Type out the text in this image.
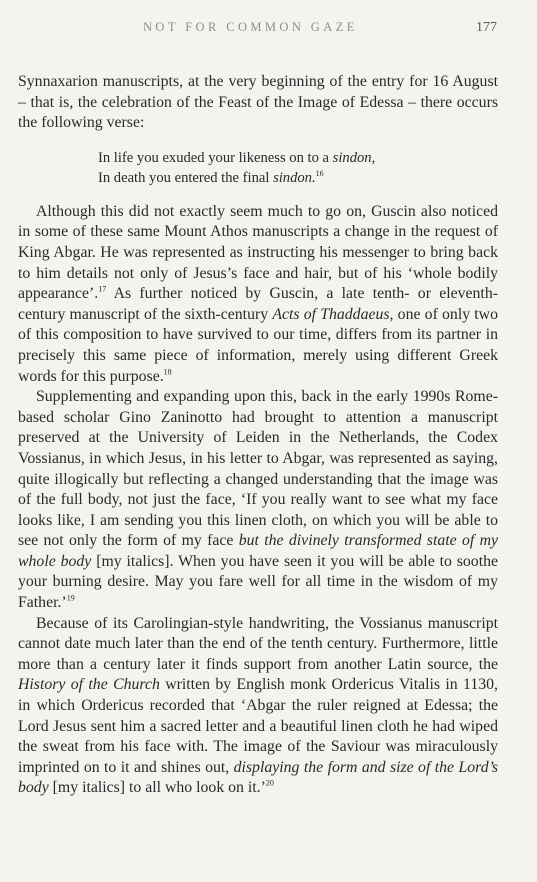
NOT FOR COMMON GAZE	177

Synnaxarion manuscripts, at the very beginning of the entry for 16 August – that is, the celebration of the Feast of the Image of Edessa – there occurs the following verse:

In life you exuded your likeness on to a sindon,
In death you entered the final sindon.$^{16}$

Although this did not exactly seem much to go on, Guscin also noticed in some of these same Mount Athos manuscripts a change in the request of King Abgar. He was represented as instructing his messenger to bring back to him details not only of Jesus’s face and hair, but of his ‘whole bodily appearance’.$^{17}$ As further noticed by Guscin, a late tenth- or eleventh-century manuscript of the sixth-century Acts of Thaddaeus, one of only two of this composition to have survived to our time, differs from its partner in precisely this same piece of information, merely using different Greek words for this purpose.$^{18}$

Supplementing and expanding upon this, back in the early 1990s Rome-based scholar Gino Zaninotto had brought to attention a manuscript preserved at the University of Leiden in the Netherlands, the Codex Vossianus, in which Jesus, in his letter to Abgar, was represented as saying, quite illogically but reflecting a changed understanding that the image was of the full body, not just the face, ‘If you really want to see what my face looks like, I am sending you this linen cloth, on which you will be able to see not only the form of my face but the divinely transformed state of my whole body [my italics]. When you have seen it you will be able to soothe your burning desire. May you fare well for all time in the wisdom of my Father.’$^{19}$

Because of its Carolingian-style handwriting, the Vossianus manuscript cannot date much later than the end of the tenth century. Furthermore, little more than a century later it finds support from another Latin source, the History of the Church written by English monk Ordericus Vitalis in 1130, in which Ordericus recorded that ‘Abgar the ruler reigned at Edessa; the Lord Jesus sent him a sacred letter and a beautiful linen cloth he had wiped the sweat from his face with. The image of the Saviour was miraculously imprinted on to it and shines out, displaying the form and size of the Lord’s body [my italics] to all who look on it.’$^{20}$
